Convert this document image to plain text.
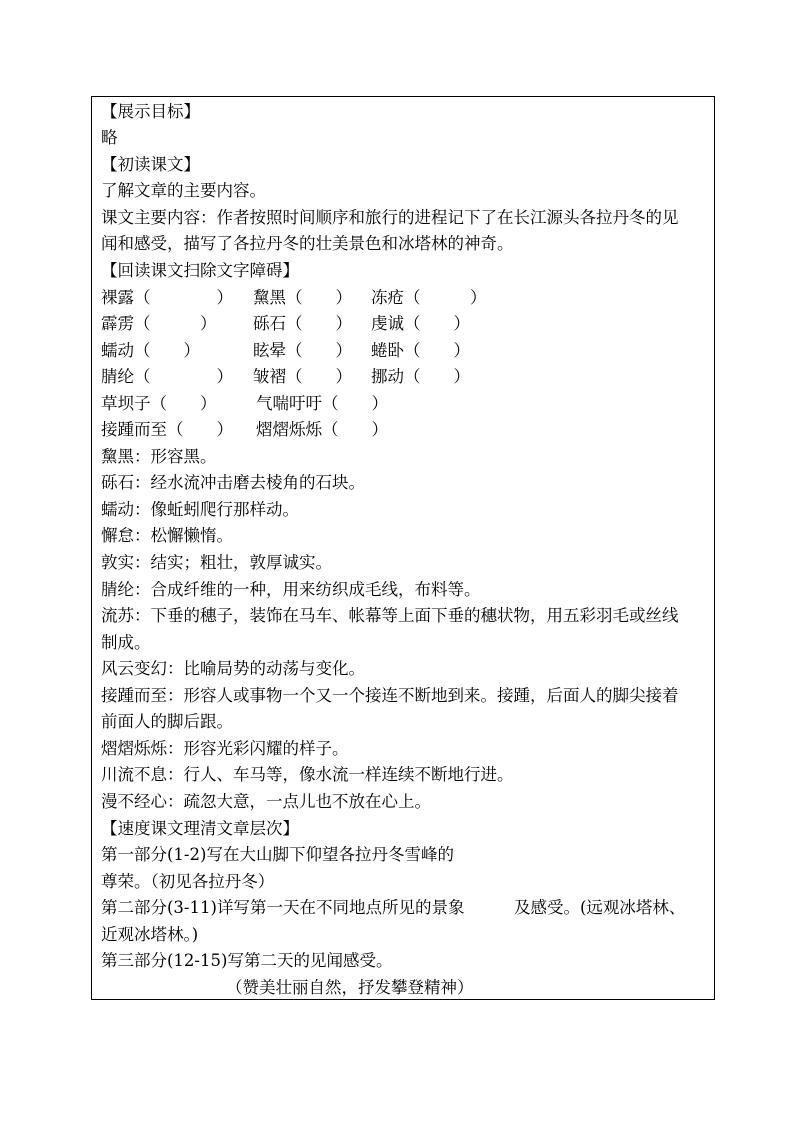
【展示目标】
略
【初读课文】
了解文章的主要内容。
课文主要内容：作者按照时间顺序和旅行的进程记下了在长江源头各拉丹冬的见
闻和感受，描写了各拉丹冬的壮美景色和冰塔林的神奇。
【回读课文扫除文字障碍】
裸露（　　　　） 黧黑（　　） 冻疮（　　　）
霹雳（　　　） 砾石（　　） 虔诚（　　）
蠕动（　　）	眩晕（　　） 蜷卧（　　）
腈纶（　　　　） 皱褶（　　） 挪动（　　）
草坝子（　　） 气喘吁吁（　　）
接踵而至（　　） 熠熠烁烁（　　）
黧黑：形容黑。
砾石：经水流冲击磨去棱角的石块。
蠕动：像蚯蚓爬行那样动。
懈怠：松懈懒惰。
敦实：结实；粗壮，敦厚诚实。
腈纶：合成纤维的一种，用来纺织成毛线，布料等。
流苏：下垂的穗子，装饰在马车、帐幕等上面下垂的穗状物，用五彩羽毛或丝线
制成。
风云变幻：比喻局势的动荡与变化。
接踵而至：形容人或事物一个又一个接连不断地到来。接踵，后面人的脚尖接着
前面人的脚后跟。
熠熠烁烁：形容光彩闪耀的样子。
川流不息：行人、车马等，像水流一样连续不断地行进。
漫不经心：疏忽大意，一点儿也不放在心上。
【速度课文理清文章层次】
第一部分(1-2)写在大山脚下仰望各拉丹冬雪峰的
尊荣。（初见各拉丹冬）
第二部分(3-11)详写第一天在不同地点所见的景象　　　及感受。(远观冰塔林、
近观冰塔林。)
第三部分(12-15)写第二天的见闻感受。
（赞美壮丽自然，抒发攀登精神）
